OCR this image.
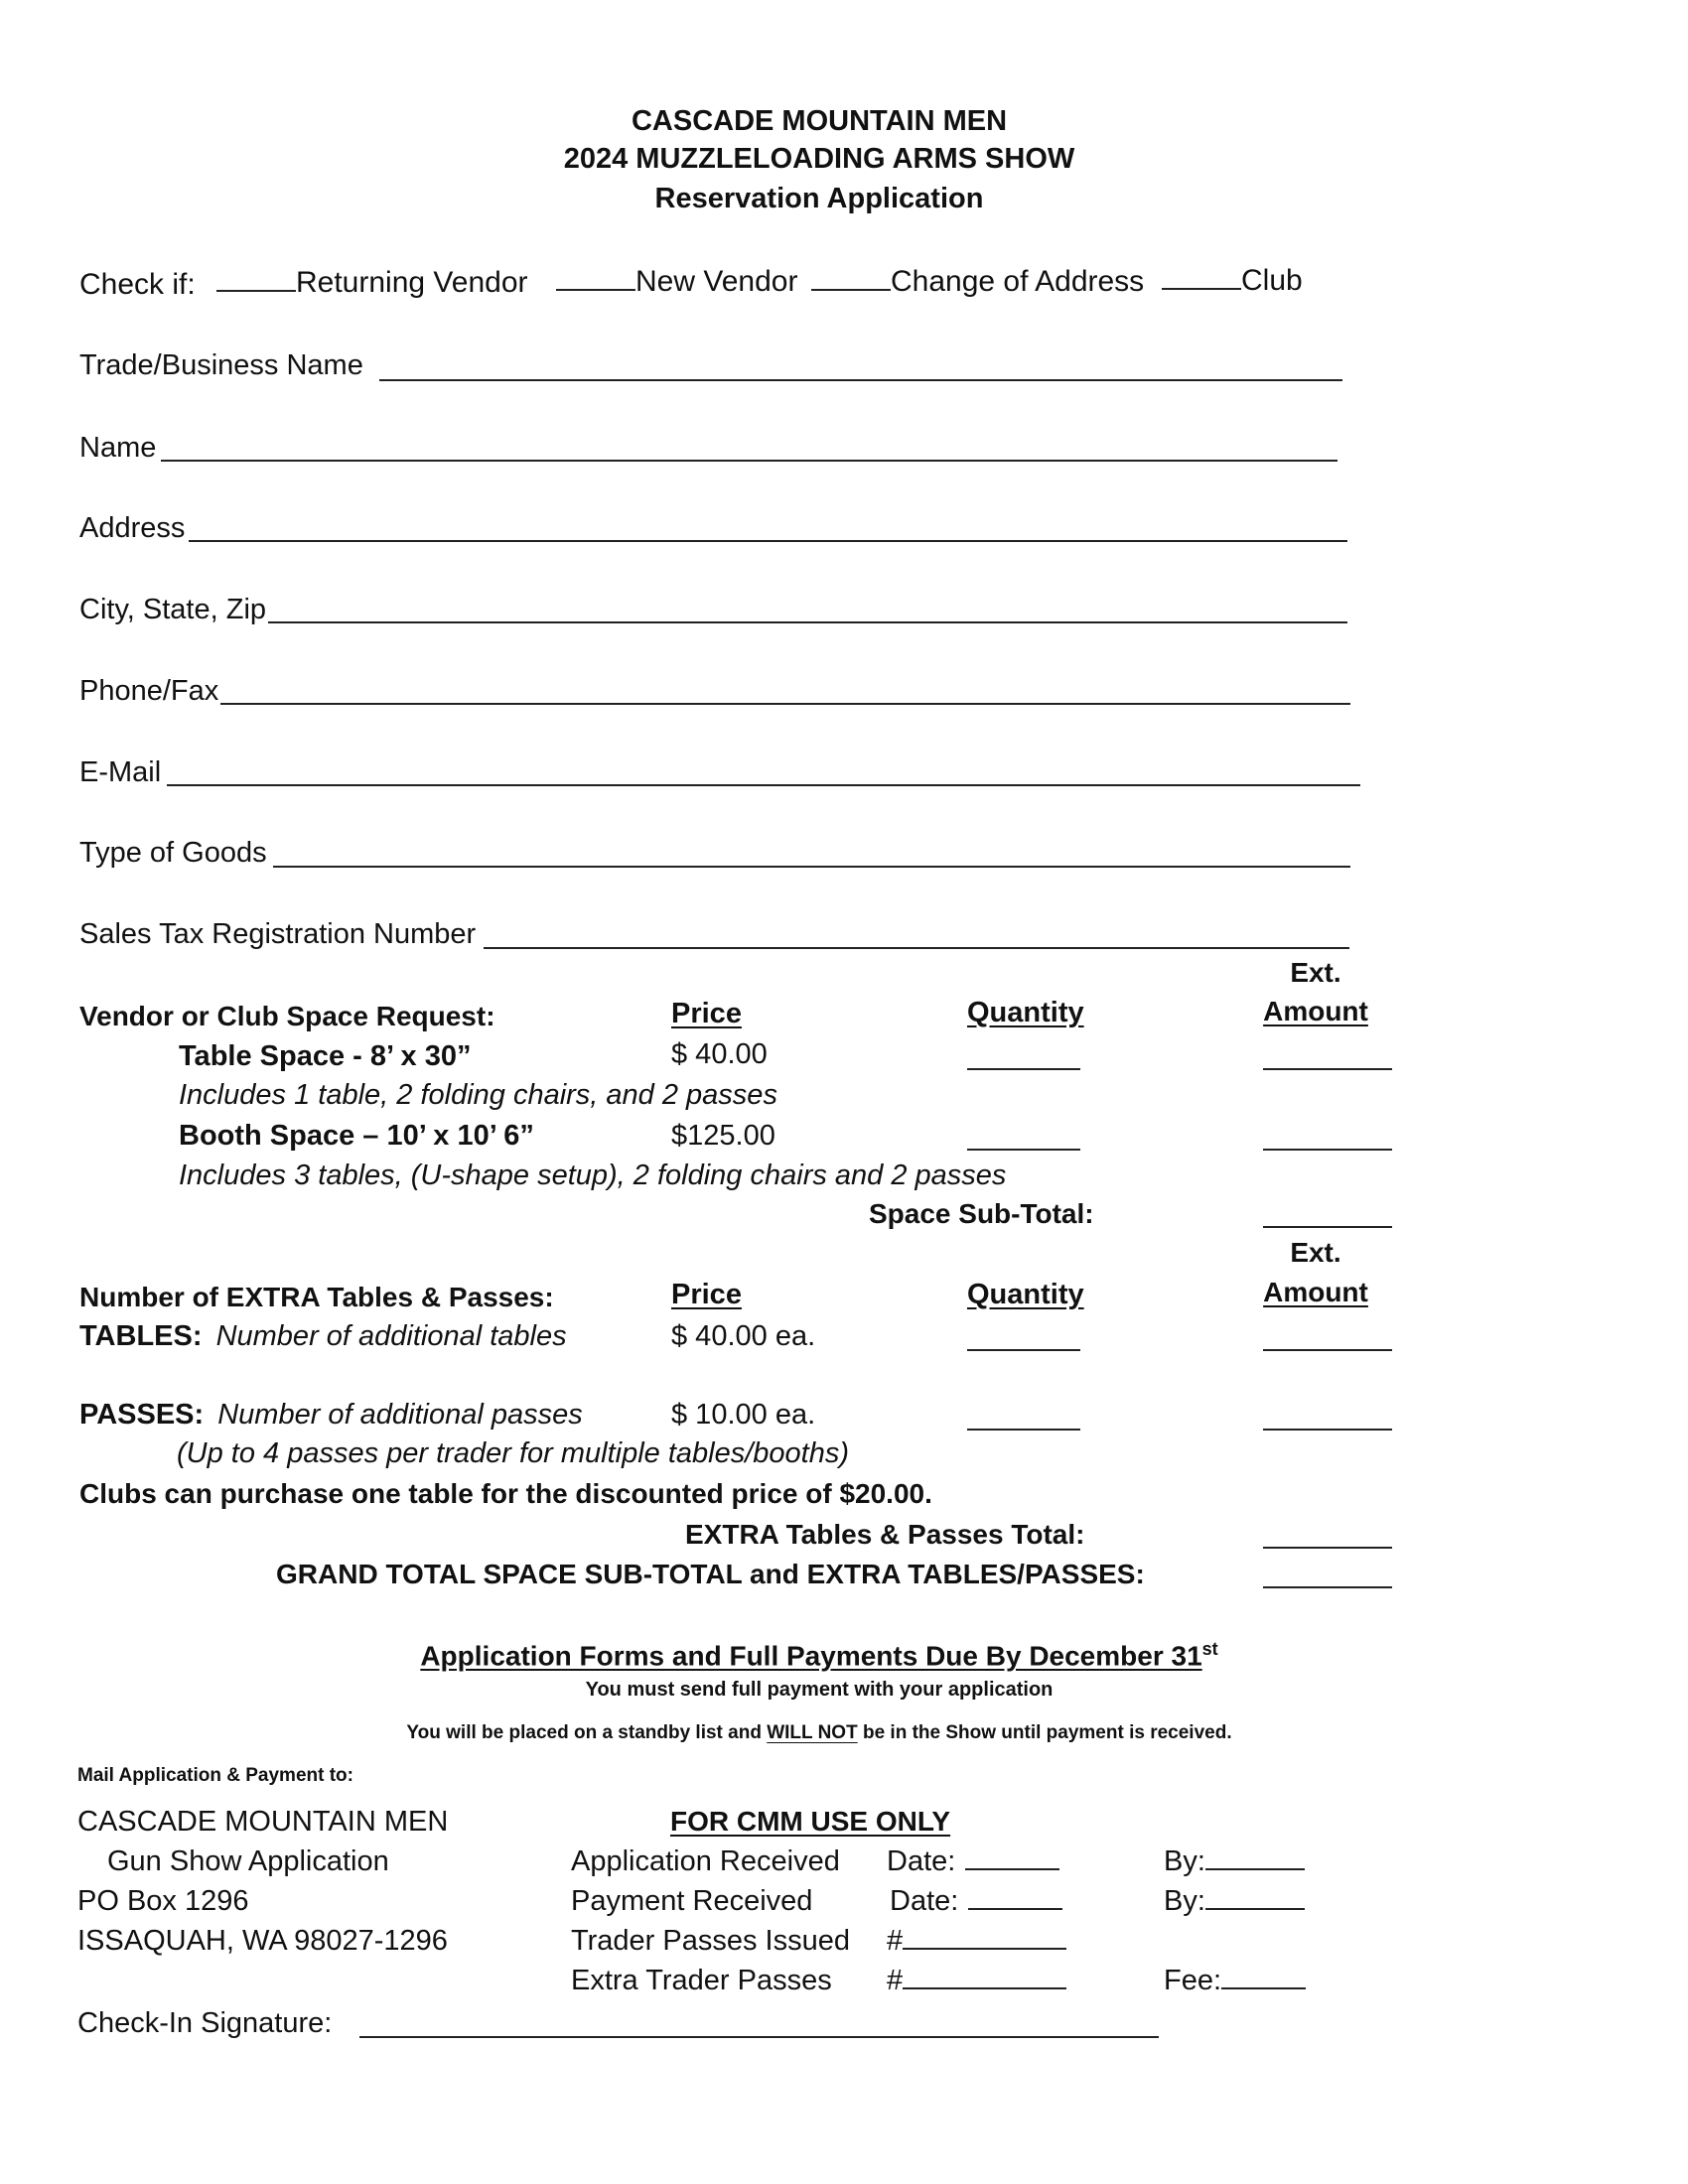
CASCADE MOUNTAIN MEN
2024 MUZZLELOADING ARMS SHOW
Reservation Application
Check if:	Returning Vendor	New Vendor	Change of Address	Club
Trade/Business Name
Name
Address
City, State, Zip
Phone/Fax
E-Mail
Type of Goods
Sales Tax Registration Number
Ext.
Vendor or Club Space Request:	Price	Quantity	Amount
Table Space - 8’ x 30”	$ 40.00
Includes 1 table, 2 folding chairs, and 2 passes
Booth Space – 10’ x 10’ 6”	$125.00
Includes 3 tables, (U-shape setup), 2 folding chairs and 2 passes
Space Sub-Total:
Ext.
Number of EXTRA Tables & Passes:	Price	Quantity	Amount
TABLES: Number of additional tables	$ 40.00 ea.
PASSES: Number of additional passes	$ 10.00 ea.
(Up to 4 passes per trader for multiple tables/booths)
Clubs can purchase one table for the discounted price of $20.00.
EXTRA Tables & Passes Total:
GRAND TOTAL SPACE SUB-TOTAL and EXTRA TABLES/PASSES:
Application Forms and Full Payments Due By December 31st
You must send full payment with your application
You will be placed on a standby list and WILL NOT be in the Show until payment is received.
Mail Application & Payment to:
CASCADE MOUNTAIN MEN
Gun Show Application
PO Box 1296
ISSAQUAH, WA 98027-1296
FOR CMM USE ONLY
Application Received Date:	By:
Payment Received	Date:	By:
Trader Passes Issued #
Extra Trader Passes #	Fee:
Check-In Signature:
